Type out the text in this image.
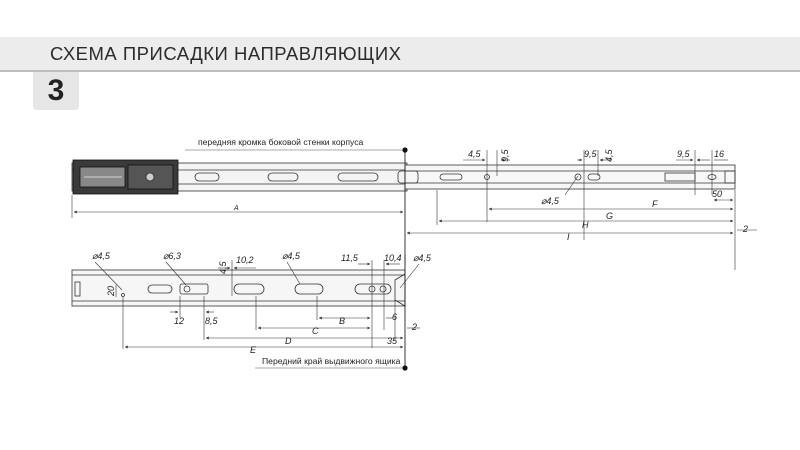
СХЕМА ПРИСАДКИ НАПРАВЛЯЮЩИХ
3
передняя кромка боковой стенки корпуса
A
4,5 9,5	9,5 4,5	9,5	16
⌀4,5
50
F
G
H
I
2
Передний край выдвижного ящика
⌀4,5	⌀6,3
4,5
10,2	⌀4,5	11,5	10,4 ⌀4,5
20
12 8,5	B
C
D
E
6
2
35
